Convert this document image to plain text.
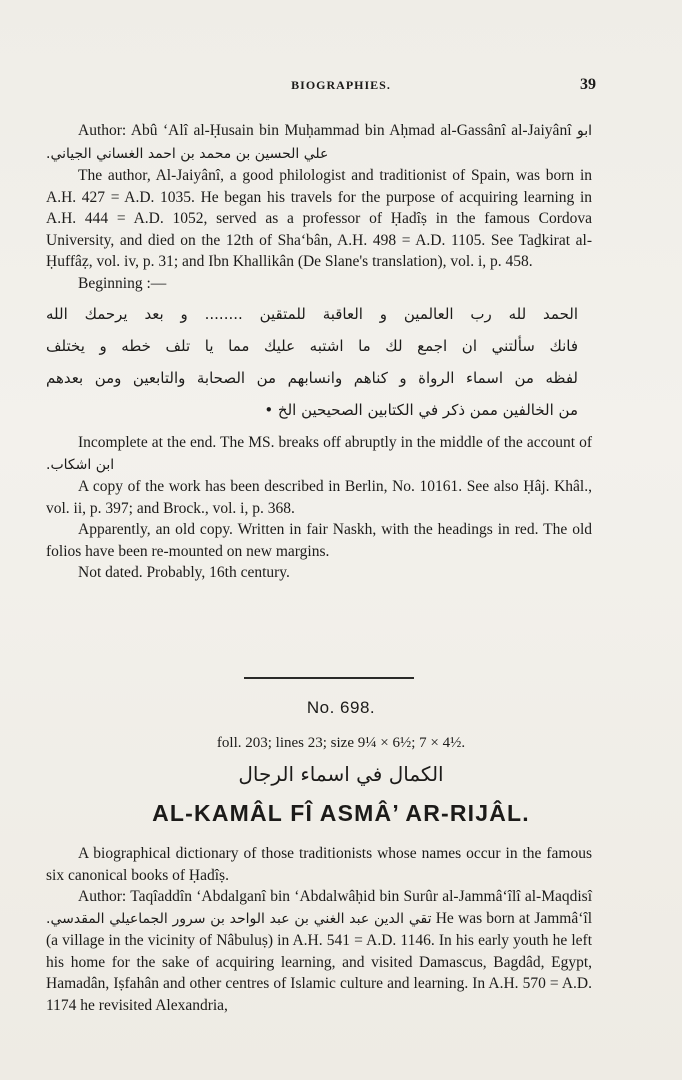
BIOGRAPHIES.	39

Author: Abû ‘Alî al-Ḥusain bin Muḥammad bin Aḥmad al-Gassânî al-Jaiyânî ابو علي الحسين بن محمد بن احمد الغساني الجياني.

The author, Al-Jaiyânî, a good philologist and traditionist of Spain, was born in A.H. 427 = A.D. 1035. He began his travels for the purpose of acquiring learning in A.H. 444 = A.D. 1052, served as a professor of Ḥadîṣ in the famous Cordova University, and died on the 12th of Sha‘bân, A.H. 498 = A.D. 1105. See Taḏkirat al-Ḥuffâẓ, vol. iv, p. 31; and Ibn Khallikân (De Slane's translation), vol. i, p. 458.

Beginning :—

الحمد لله رب العالمين و العاقبة للمتقين ........ و بعد يرحمك الله
فانك سألتني ان اجمع لك ما اشتبه عليك مما يا تلف خطه و يختلف
لفظه من اسماء الرواة و كناهم وانسابهم من الصحابة والتابعين ومن بعدهم
من الخالفين ممن ذكر في الكتابين الصحيحين الخ •

Incomplete at the end. The MS. breaks off abruptly in the middle of the account of ابن اشكاب.

A copy of the work has been described in Berlin, No. 10161. See also Ḥâj. Khâl., vol. ii, p. 397; and Brock., vol. i, p. 368.

Apparently, an old copy. Written in fair Naskh, with the headings in red. The old folios have been re-mounted on new margins.

Not dated. Probably, 16th century.

No. 698.
foll. 203; lines 23; size 9¼ × 6½; 7 × 4½.
الكمال في اسماء الرجال
AL-KAMÂL FÎ ASMÂ’ AR-RIJÂL.

A biographical dictionary of those traditionists whose names occur in the famous six canonical books of Ḥadîṣ.

Author: Taqîaddîn ‘Abdalganî bin ‘Abdalwâḥid bin Surûr al-Jammâ‘îlî al-Maqdisî تقي الدين عبد الغني بن عبد الواحد بن سرور الجماعيلي المقدسي. He was born at Jammâ‘îl (a village in the vicinity of Nâbuluṣ) in A.H. 541 = A.D. 1146. In his early youth he left his home for the sake of acquiring learning, and visited Damascus, Bagdâd, Egypt, Hamadân, Iṣfahân and other centres of Islamic culture and learning. In A.H. 570 = A.D. 1174 he revisited Alexandria,
